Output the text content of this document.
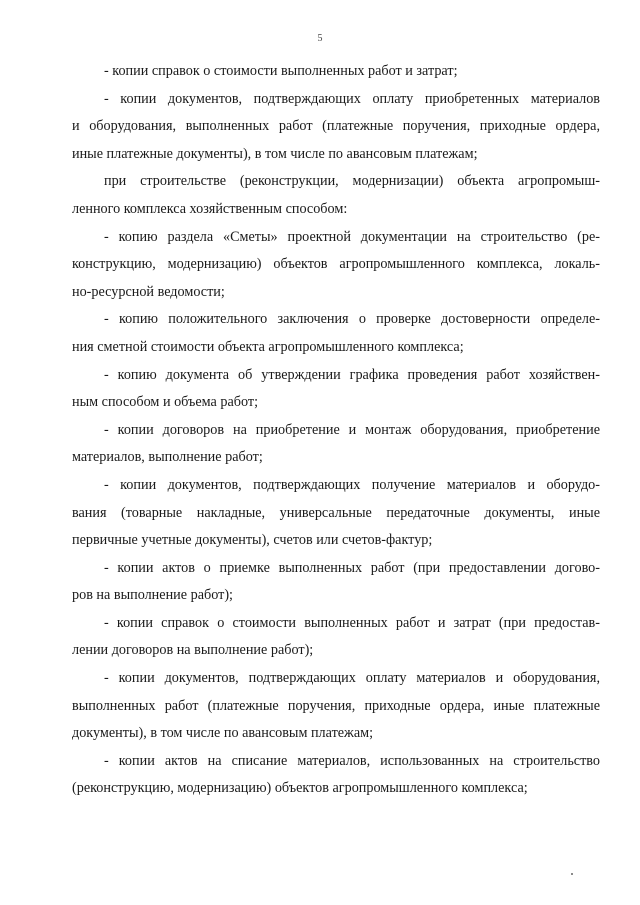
5
- копии справок о стоимости выполненных работ и затрат;
- копии документов, подтверждающих оплату приобретенных материалов
и оборудования, выполненных работ (платежные поручения, приходные ордера,
иные платежные документы), в том числе по авансовым платежам;
при строительстве (реконструкции, модернизации) объекта агропромыш-
ленного комплекса хозяйственным способом:
- копию раздела «Сметы» проектной документации на строительство (ре-
конструкцию, модернизацию) объектов агропромышленного комплекса, локаль-
но-ресурсной ведомости;
- копию положительного заключения о проверке достоверности определе-
ния сметной стоимости объекта агропромышленного комплекса;
- копию документа об утверждении графика проведения работ хозяйствен-
ным способом и объема работ;
- копии договоров на приобретение и монтаж оборудования, приобретение
материалов, выполнение работ;
- копии документов, подтверждающих получение материалов и оборудо-
вания (товарные накладные, универсальные передаточные документы, иные
первичные учетные документы), счетов или счетов-фактур;
- копии актов о приемке выполненных работ (при предоставлении догово-
ров на выполнение работ);
- копии справок о стоимости выполненных работ и затрат (при предостав-
лении договоров на выполнение работ);
- копии документов, подтверждающих оплату материалов и оборудования,
выполненных работ (платежные поручения, приходные ордера, иные платежные
документы), в том числе по авансовым платежам;
- копии актов на списание материалов, использованных на строительство
(реконструкцию, модернизацию) объектов агропромышленного комплекса;
